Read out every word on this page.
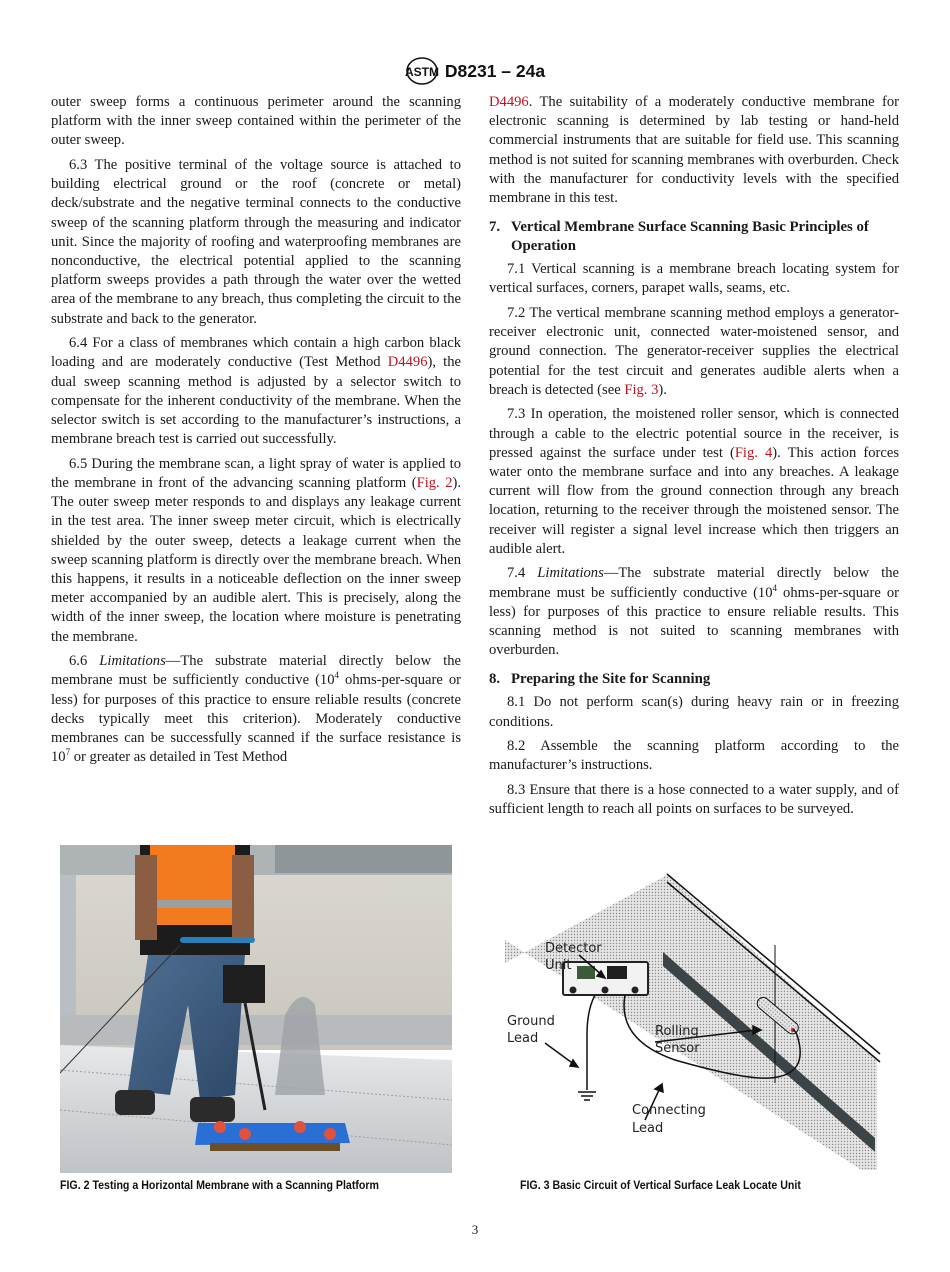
ASTM D8231 – 24a

outer sweep forms a continuous perimeter around the scanning platform with the inner sweep contained within the perimeter of the outer sweep.

6.3 The positive terminal of the voltage source is attached to building electrical ground or the roof (concrete or metal) deck/substrate and the negative terminal connects to the conductive sweep of the scanning platform through the measuring and indicator unit. Since the majority of roofing and waterproofing membranes are nonconductive, the electrical potential applied to the scanning platform sweeps provides a path through the water over the wetted area of the membrane to any breach, thus completing the circuit to the substrate and back to the generator.

6.4 For a class of membranes which contain a high carbon black loading and are moderately conductive (Test Method D4496), the dual sweep scanning method is adjusted by a selector switch to compensate for the inherent conductivity of the membrane. When the selector switch is set according to the manufacturer’s instructions, a membrane breach test is carried out successfully.

6.5 During the membrane scan, a light spray of water is applied to the membrane in front of the advancing scanning platform (Fig. 2). The outer sweep meter responds to and displays any leakage current in the test area. The inner sweep meter circuit, which is electrically shielded by the outer sweep, detects a leakage current when the sweep scanning platform is directly over the membrane breach. When this happens, it results in a noticeable deflection on the inner sweep meter accompanied by an audible alert. This is precisely, along the width of the inner sweep, the location where moisture is penetrating the membrane.

6.6 Limitations—The substrate material directly below the membrane must be sufficiently conductive ($10^4$ ohms-per-square or less) for purposes of this practice to ensure reliable results (concrete decks typically meet this criterion). Moderately conductive membranes can be successfully scanned if the surface resistance is $10^7$ or greater as detailed in Test Method

D4496. The suitability of a moderately conductive membrane for electronic scanning is determined by lab testing or hand-held commercial instruments that are suitable for field use. This scanning method is not suited for scanning membranes with overburden. Check with the manufacturer for conductivity levels with the specified membrane in this test.

7. Vertical Membrane Surface Scanning Basic Principles of Operation

7.1 Vertical scanning is a membrane breach locating system for vertical surfaces, corners, parapet walls, seams, etc.

7.2 The vertical membrane scanning method employs a generator-receiver electronic unit, connected water-moistened sensor, and ground connection. The generator-receiver supplies the electrical potential for the test circuit and generates audible alerts when a breach is detected (see Fig. 3).

7.3 In operation, the moistened roller sensor, which is connected through a cable to the electric potential source in the receiver, is pressed against the surface under test (Fig. 4). This action forces water onto the membrane surface and into any breaches. A leakage current will flow from the ground connection through any breach location, returning to the receiver through the moistened sensor. The receiver will register a signal level increase which then triggers an audible alert.

7.4 Limitations—The substrate material directly below the membrane must be sufficiently conductive ($10^4$ ohms-per-square or less) for purposes of this practice to ensure reliable results. This scanning method is not suited to scanning membranes with overburden.

8. Preparing the Site for Scanning

8.1 Do not perform scan(s) during heavy rain or in freezing conditions.

8.2 Assemble the scanning platform according to the manufacturer’s instructions.

8.3 Ensure that there is a hose connected to a water supply, and of sufficient length to reach all points on surfaces to be surveyed.

Detector
Unit
Ground
Lead	Rolling
Sensor
Connecting
Lead
FIG. 2 Testing a Horizontal Membrane with a Scanning Platform	FIG. 3 Basic Circuit of Vertical Surface Leak Locate Unit
3
